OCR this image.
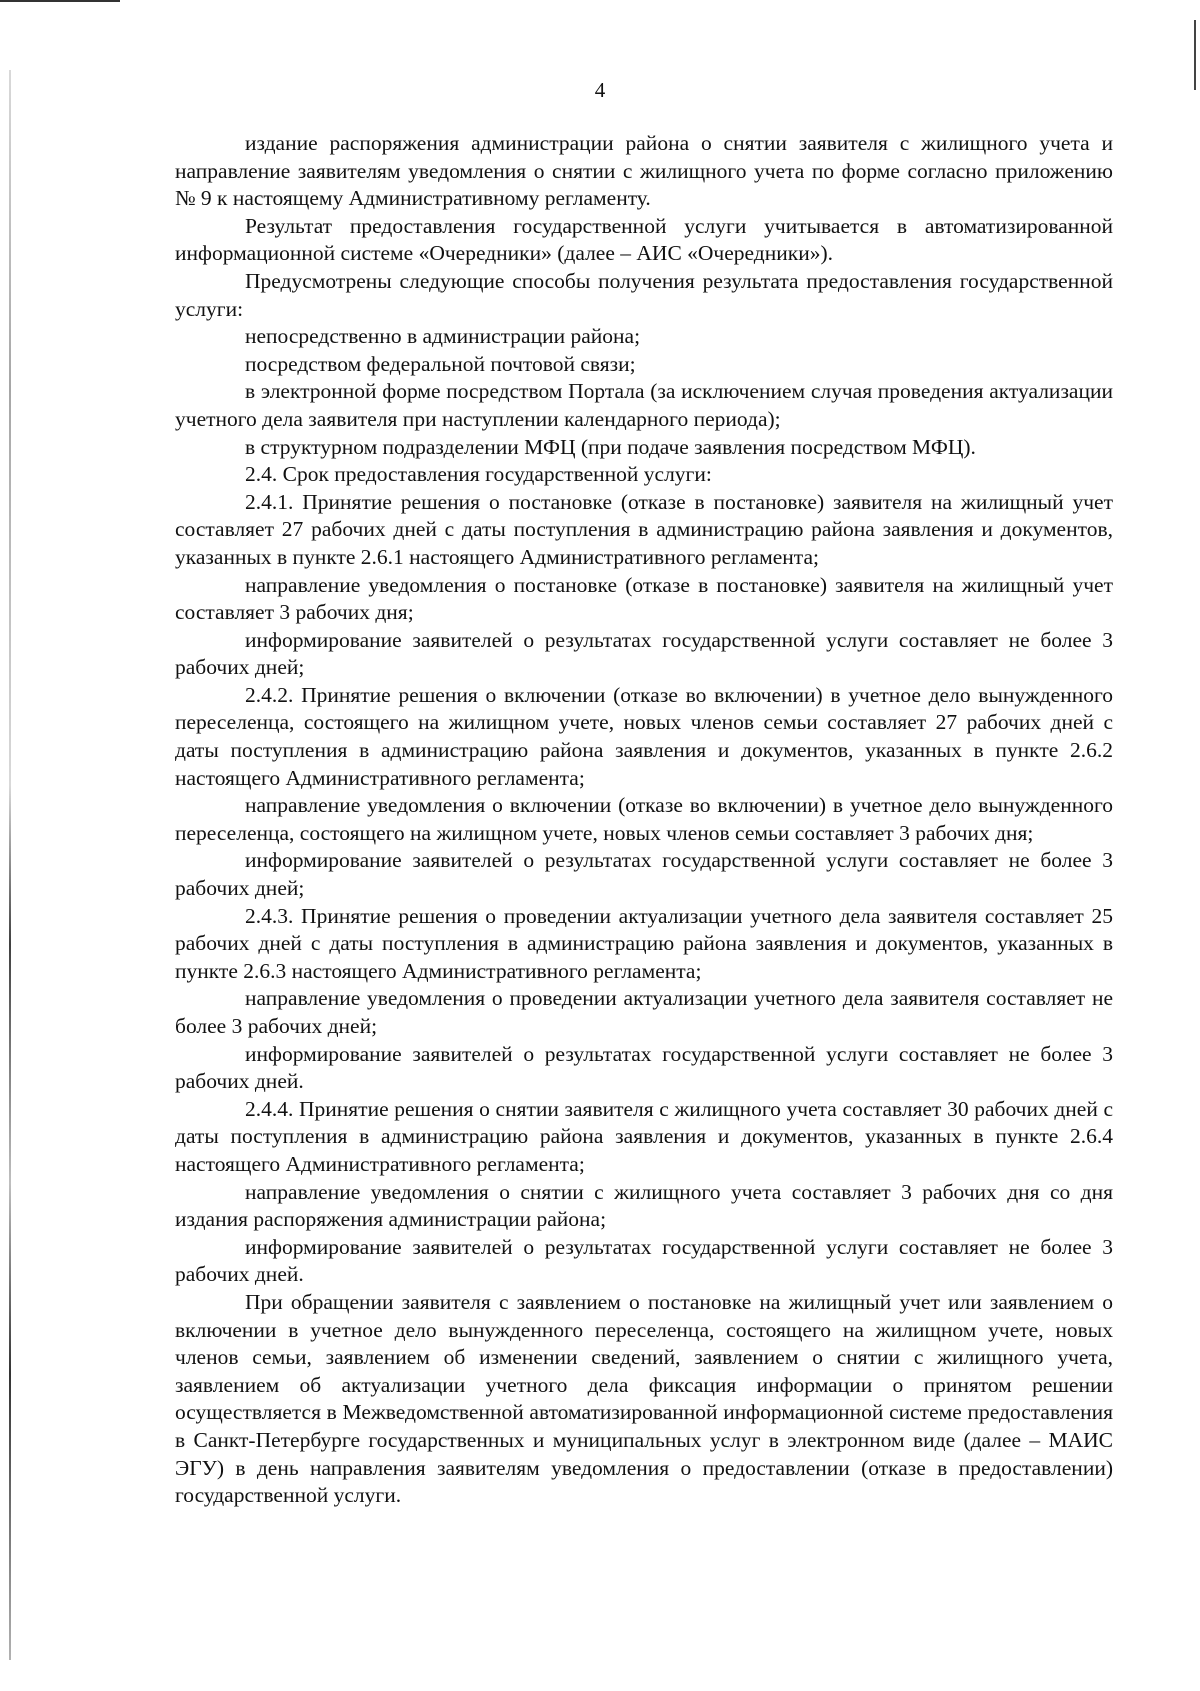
4

издание распоряжения администрации района о снятии заявителя с жилищного учета и направление заявителям уведомления о снятии с жилищного учета по форме согласно приложению № 9 к настоящему Административному регламенту.

Результат предоставления государственной услуги учитывается в автоматизированной информационной системе «Очередники» (далее – АИС «Очередники»).

Предусмотрены следующие способы получения результата предоставления государственной услуги:

непосредственно в администрации района;

посредством федеральной почтовой связи;

в электронной форме посредством Портала (за исключением случая проведения актуализации учетного дела заявителя при наступлении календарного периода);

в структурном подразделении МФЦ (при подаче заявления посредством МФЦ).

2.4. Срок предоставления государственной услуги:

2.4.1. Принятие решения о постановке (отказе в постановке) заявителя на жилищный учет составляет 27 рабочих дней с даты поступления в администрацию района заявления и документов, указанных в пункте 2.6.1 настоящего Административного регламента;

направление уведомления о постановке (отказе в постановке) заявителя на жилищный учет составляет 3 рабочих дня;

информирование заявителей о результатах государственной услуги составляет не более 3 рабочих дней;

2.4.2. Принятие решения о включении (отказе во включении) в учетное дело вынужденного переселенца, состоящего на жилищном учете, новых членов семьи составляет 27 рабочих дней с даты поступления в администрацию района заявления и документов, указанных в пункте 2.6.2 настоящего Административного регламента;

направление уведомления о включении (отказе во включении) в учетное дело вынужденного переселенца, состоящего на жилищном учете, новых членов семьи составляет 3 рабочих дня;

информирование заявителей о результатах государственной услуги составляет не более 3 рабочих дней;

2.4.3. Принятие решения о проведении актуализации учетного дела заявителя составляет 25 рабочих дней с даты поступления в администрацию района заявления и документов, указанных в пункте 2.6.3 настоящего Административного регламента;

направление уведомления о проведении актуализации учетного дела заявителя составляет не более 3 рабочих дней;

информирование заявителей о результатах государственной услуги составляет не более 3 рабочих дней.

2.4.4. Принятие решения о снятии заявителя с жилищного учета составляет 30 рабочих дней с даты поступления в администрацию района заявления и документов, указанных в пункте 2.6.4 настоящего Административного регламента;

направление уведомления о снятии с жилищного учета составляет 3 рабочих дня со дня издания распоряжения администрации района;

информирование заявителей о результатах государственной услуги составляет не более 3 рабочих дней.

При обращении заявителя с заявлением о постановке на жилищный учет или заявлением о включении в учетное дело вынужденного переселенца, состоящего на жилищном учете, новых членов семьи, заявлением об изменении сведений, заявлением о снятии с жилищного учета, заявлением об актуализации учетного дела фиксация информации о принятом решении осуществляется в Межведомственной автоматизированной информационной системе предоставления в Санкт-Петербурге государственных и муниципальных услуг в электронном виде (далее – МАИС ЭГУ) в день направления заявителям уведомления о предоставлении (отказе в предоставлении) государственной услуги.
